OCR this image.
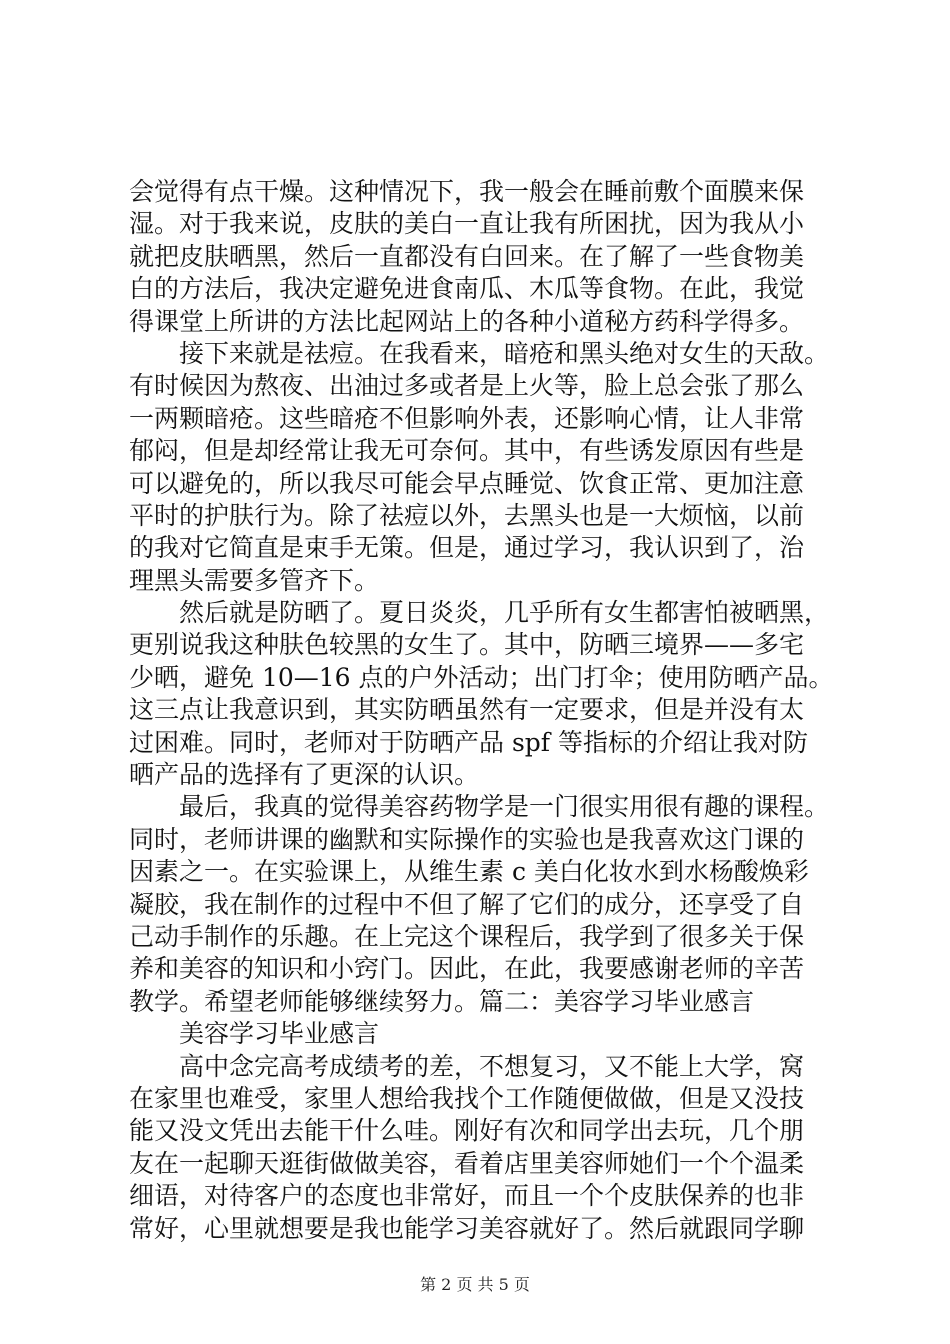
会觉得有点干燥。这种情况下，我一般会在睡前敷个面膜来保
湿。对于我来说，皮肤的美白一直让我有所困扰，因为我从小
就把皮肤晒黑，然后一直都没有白回来。在了解了一些食物美
白的方法后，我决定避免进食南瓜、木瓜等食物。在此，我觉
得课堂上所讲的方法比起网站上的各种小道秘方药科学得多。
　　接下来就是祛痘。在我看来，暗疮和黑头绝对女生的天敌。
有时候因为熬夜、出油过多或者是上火等，脸上总会张了那么
一两颗暗疮。这些暗疮不但影响外表，还影响心情，让人非常
郁闷，但是却经常让我无可奈何。其中，有些诱发原因有些是
可以避免的，所以我尽可能会早点睡觉、饮食正常、更加注意
平时的护肤行为。除了祛痘以外，去黑头也是一大烦恼，以前
的我对它简直是束手无策。但是，通过学习，我认识到了，治
理黑头需要多管齐下。
　　然后就是防晒了。夏日炎炎，几乎所有女生都害怕被晒黑，
更别说我这种肤色较黑的女生了。其中，防晒三境界——多宅
少晒，避免 10—16 点的户外活动；出门打伞；使用防晒产品。
这三点让我意识到，其实防晒虽然有一定要求，但是并没有太
过困难。同时，老师对于防晒产品 spf 等指标的介绍让我对防
晒产品的选择有了更深的认识。
　　最后，我真的觉得美容药物学是一门很实用很有趣的课程。
同时，老师讲课的幽默和实际操作的实验也是我喜欢这门课的
因素之一。在实验课上，从维生素 c 美白化妆水到水杨酸焕彩
凝胶，我在制作的过程中不但了解了它们的成分，还享受了自
己动手制作的乐趣。在上完这个课程后，我学到了很多关于保
养和美容的知识和小窍门。因此，在此，我要感谢老师的辛苦
教学。希望老师能够继续努力。篇二：美容学习毕业感言
　　美容学习毕业感言
　　高中念完高考成绩考的差，不想复习，又不能上大学，窝
在家里也难受，家里人想给我找个工作随便做做，但是又没技
能又没文凭出去能干什么哇。刚好有次和同学出去玩，几个朋
友在一起聊天逛街做做美容，看着店里美容师她们一个个温柔
细语，对待客户的态度也非常好，而且一个个皮肤保养的也非
常好，心里就想要是我也能学习美容就好了。然后就跟同学聊
第 2 页 共 5 页
